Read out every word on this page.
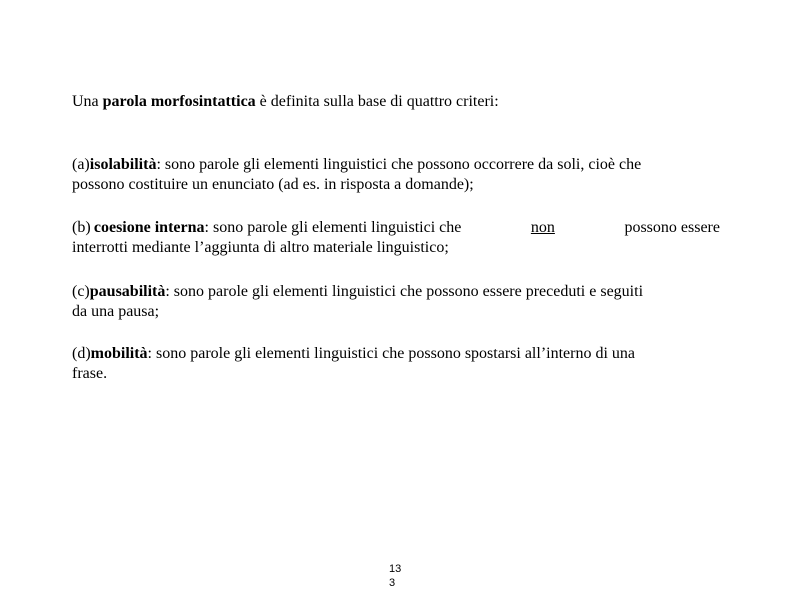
Una parola morfosintattica è definita sulla base di quattro criteri:
(a)isolabilità: sono parole gli elementi linguistici che possono occorrere da soli, cioè che
possono costituire un enunciato (ad es. in risposta a domande);
(b)  coesione interna: sono parole gli elementi linguistici che	non	possono essere
interrotti mediante l’aggiunta di altro materiale linguistico;
(c)pausabilità: sono parole gli elementi linguistici che possono essere preceduti e seguiti
da una pausa;
(d)mobilità: sono parole gli elementi linguistici che possono spostarsi all’interno di una
frase.
13
3
